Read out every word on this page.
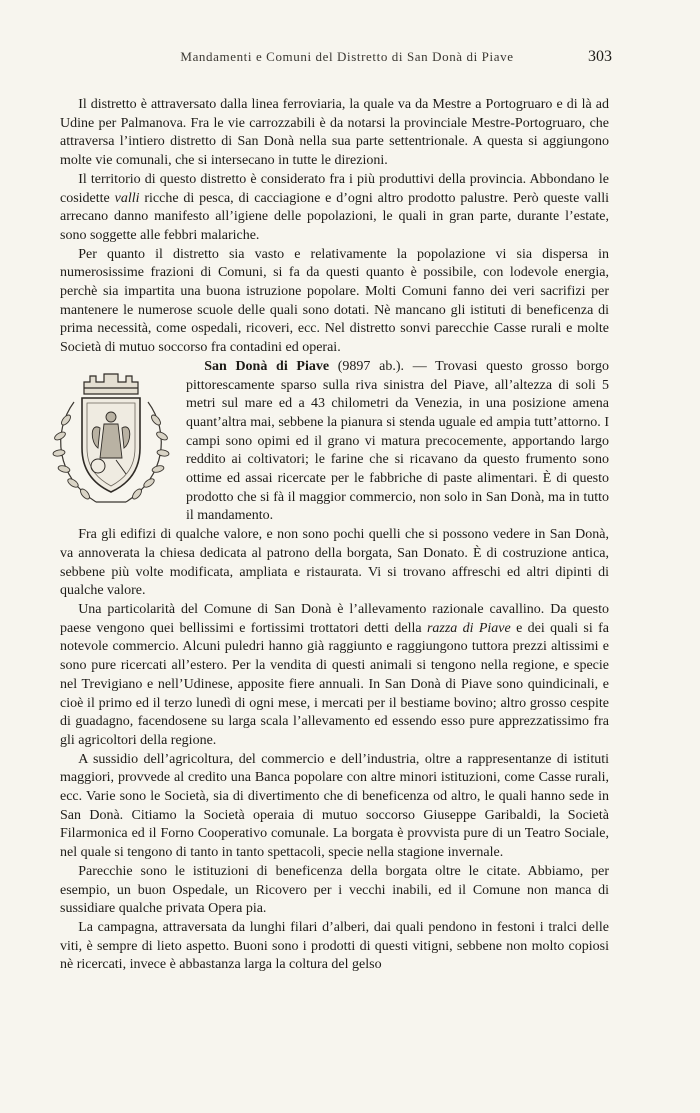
Mandamenti e Comuni del Distretto di San Donà di Piave	303

Il distretto è attraversato dalla linea ferroviaria, la quale va da Mestre a Portogruaro e di là ad Udine per Palmanova. Fra le vie carrozzabili è da notarsi la provinciale Mestre-Portogruaro, che attraversa l’intiero distretto di San Donà nella sua parte settentrionale. A questa si aggiungono molte vie comunali, che si intersecano in tutte le direzioni.

Il territorio di questo distretto è considerato fra i più produttivi della provincia. Abbondano le cosidette valli ricche di pesca, di cacciagione e d’ogni altro prodotto palustre. Però queste valli arrecano danno manifesto all’igiene delle popolazioni, le quali in gran parte, durante l’estate, sono soggette alle febbri malariche.

Per quanto il distretto sia vasto e relativamente la popolazione vi sia dispersa in numerosissime frazioni di Comuni, si fa da questi quanto è possibile, con lodevole energia, perchè sia impartita una buona istruzione popolare. Molti Comuni fanno dei veri sacrifizi per mantenere le numerose scuole delle quali sono dotati. Nè mancano gli istituti di beneficenza di prima necessità, come ospedali, ricoveri, ecc. Nel distretto sonvi parecchie Casse rurali e molte Società di mutuo soccorso fra contadini ed operai.

San Donà di Piave (9897 ab.). — Trovasi questo grosso borgo pittorescamente sparso sulla riva sinistra del Piave, all’altezza di soli 5 metri sul mare ed a 43 chilometri da Venezia, in una posizione amena quant’altra mai, sebbene la pianura si stenda uguale ed ampia tutt’attorno. I campi sono opimi ed il grano vi matura precocemente, apportando largo reddito ai coltivatori; le farine che si ricavano da questo frumento sono ottime ed assai ricercate per le fabbriche di paste alimentari. È di questo prodotto che si fà il maggior commercio, non solo in San Donà, ma in tutto il mandamento.

Fra gli edifizi di qualche valore, e non sono pochi quelli che si possono vedere in San Donà, va annoverata la chiesa dedicata al patrono della borgata, San Donato. È di costruzione antica, sebbene più volte modificata, ampliata e ristaurata. Vi si trovano affreschi ed altri dipinti di qualche valore.

Una particolarità del Comune di San Donà è l’allevamento razionale cavallino. Da questo paese vengono quei bellissimi e fortissimi trottatori detti della razza di Piave e dei quali si fa notevole commercio. Alcuni puledri hanno già raggiunto e raggiungono tuttora prezzi altissimi e sono pure ricercati all’estero. Per la vendita di questi animali si tengono nella regione, e specie nel Trevigiano e nell’Udinese, apposite fiere annuali. In San Donà di Piave sono quindicinali, e cioè il primo ed il terzo lunedì di ogni mese, i mercati per il bestiame bovino; altro grosso cespite di guadagno, facendosene su larga scala l’allevamento ed essendo esso pure apprezzatissimo fra gli agricoltori della regione.

A sussidio dell’agricoltura, del commercio e dell’industria, oltre a rappresentanze di istituti maggiori, provvede al credito una Banca popolare con altre minori istituzioni, come Casse rurali, ecc. Varie sono le Società, sia di divertimento che di beneficenza od altro, le quali hanno sede in San Donà. Citiamo la Società operaia di mutuo soccorso Giuseppe Garibaldi, la Società Filarmonica ed il Forno Cooperativo comunale. La borgata è provvista pure di un Teatro Sociale, nel quale si tengono di tanto in tanto spettacoli, specie nella stagione invernale.

Parecchie sono le istituzioni di beneficenza della borgata oltre le citate. Abbiamo, per esempio, un buon Ospedale, un Ricovero per i vecchi inabili, ed il Comune non manca di sussidiare qualche privata Opera pia.

La campagna, attraversata da lunghi filari d’alberi, dai quali pendono in festoni i tralci delle viti, è sempre di lieto aspetto. Buoni sono i prodotti di questi vitigni, sebbene non molto copiosi nè ricercati, invece è abbastanza larga la coltura del gelso
